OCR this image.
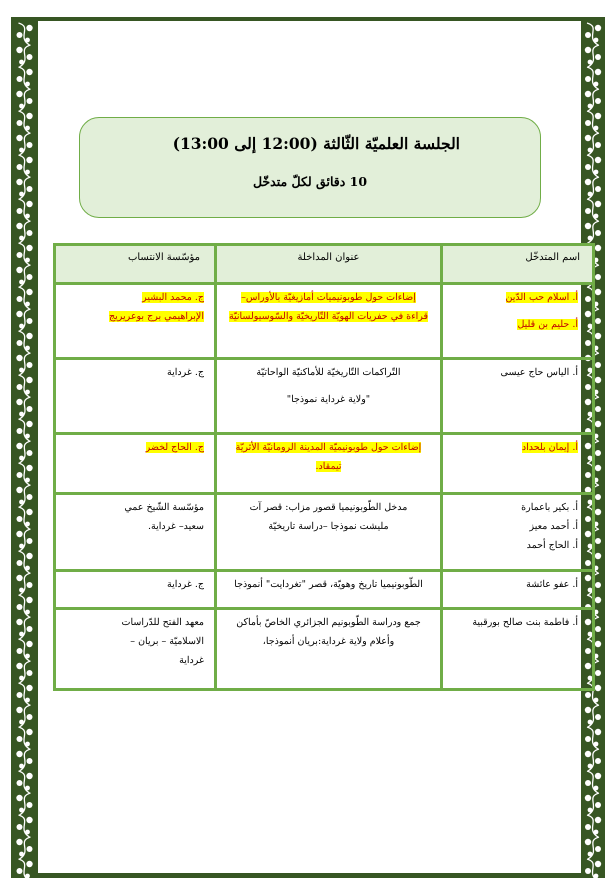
الجلسة العلميّة الثّالثة (12:00 إلى 13:00)
10 دقائق لكلّ متدخّل
اسم المتدخّل	عنوان المداخلة	مؤسّسة الانتساب

أ. اسلام حب الدّين
أ. حليم بن قليل	إضاءات حول طوبونيميات أمازيغيّة بالأوراس–
قراءة في حفريات الهويّة التّاريخيّة والسّوسيولسانيّة	ج. محمد البشير
الإبراهيمي برج بوعريريج

أ. الياس حاج عيسى	التّراكمات التّاريخيّة للأماكنيّة الواحاتيّة
"ولاية غرداية نموذجا"	ج. غرداية

أ. إيمان بلحداد	إضاءات حول طوبونيميّة المدينة الرومانيّة الأثريّة
تيمقاد.	ج. الحاج لخضر

أ. بكير باعمارة
أ. أحمد معيز
أ. الحاج أحمد	مدخل الطّوبونيميا قصور مزاب: قصر آت
مليشت نموذجا –دراسة تاريخيّة	مؤسّسة الشّيخ عمي
سعيد– غرداية.

أ. عفو عائشة	الطّوبونيميا تاريخ وهويّة، قصر "تغردايت" أنموذجا	ج. غرداية

أ. فاطمة بنت صالح بورقبية	جمع ودراسة الطّوبونيم الجزائري الخاصّ بأماكن
وأعلام ولاية غرداية:بريان أنموذجا،	معهد الفتح للدّراسات
الاسلاميّة – بريان –
غرداية
